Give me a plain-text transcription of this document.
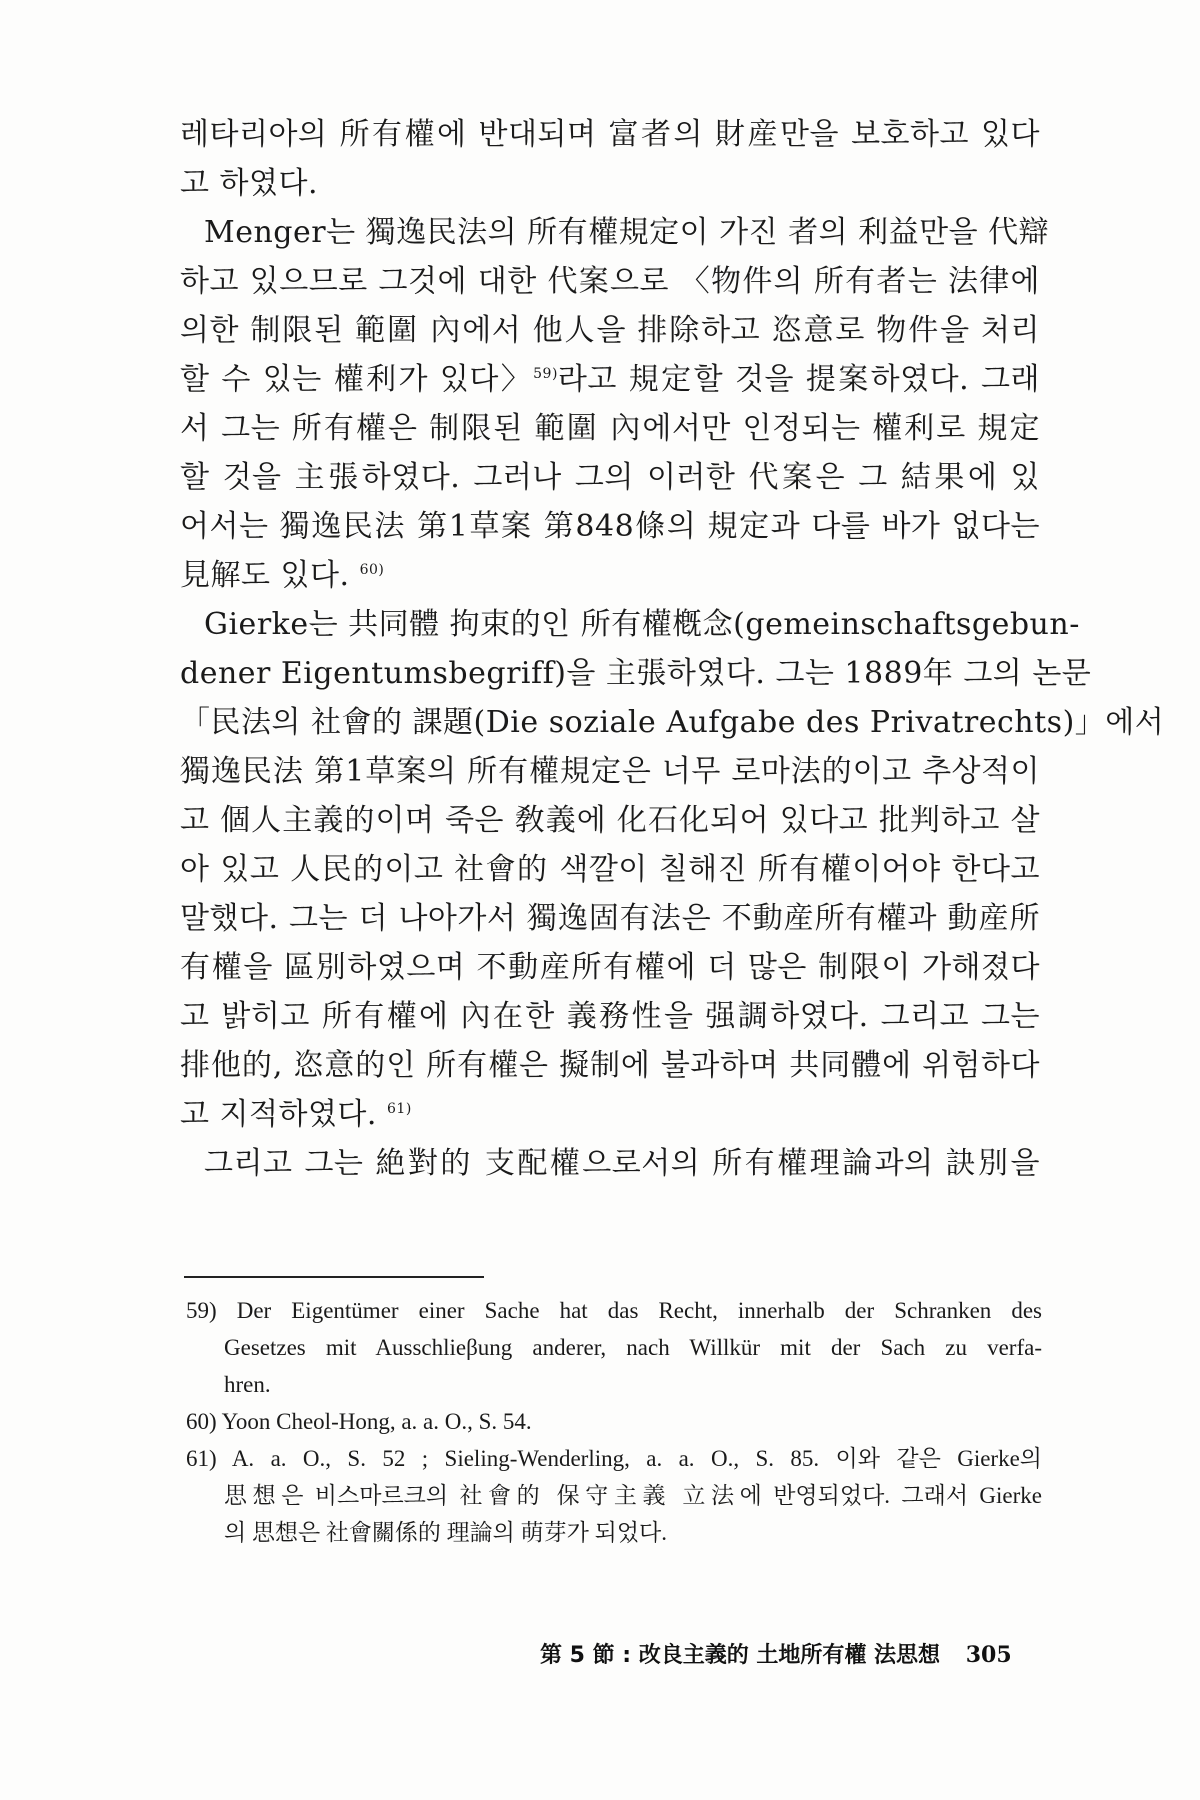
레타리아의 所有權에 반대되며 富者의 財産만을 보호하고 있다
고 하였다.
Menger는 獨逸民法의 所有權規定이 가진 者의 利益만을 代辯
하고 있으므로 그것에 대한 代案으로 〈物件의 所有者는 法律에
의한 制限된 範圍 內에서 他人을 排除하고 恣意로 物件을 처리
할 수 있는 權利가 있다〉$^{59)}$라고 規定할 것을 提案하였다. 그래
서 그는 所有權은 制限된 範圍 內에서만 인정되는 權利로 規定
할 것을 主張하였다. 그러나 그의 이러한 代案은 그 結果에 있
어서는 獨逸民法 第1草案 第848條의 規定과 다를 바가 없다는
見解도 있다. $^{60)}$
Gierke는 共同體 拘束的인 所有權槪念(gemeinschaftsgebun-
dener Eigentumsbegriff)을 主張하였다. 그는 1889年 그의 논문
「民法의 社會的 課題(Die soziale Aufgabe des Privatrechts)」에서
獨逸民法 第1草案의 所有權規定은 너무 로마法的이고 추상적이
고 個人主義的이며 죽은 敎義에 化石化되어 있다고 批判하고 살
아 있고 人民的이고 社會的 색깔이 칠해진 所有權이어야 한다고
말했다. 그는 더 나아가서 獨逸固有法은 不動産所有權과 動産所
有權을 區別하였으며 不動産所有權에 더 많은 制限이 가해졌다
고 밝히고 所有權에 內在한 義務性을 强調하였다. 그리고 그는
排他的, 恣意的인 所有權은 擬制에 불과하며 共同體에 위험하다
고 지적하였다. $^{61)}$
그리고 그는 絶對的 支配權으로서의 所有權理論과의 訣別을
59) Der Eigentümer einer Sache hat das Recht, innerhalb der Schranken des
Gesetzes mit Ausschlieβung anderer, nach Willkür mit der Sach zu verfa-
hren.
60) Yoon Cheol-Hong, a. a. O., S. 54.
61) A. a. O., S. 52 ; Sieling-Wenderling, a. a. O., S. 85. 이와 같은 Gierke의
思想은 비스마르크의 社會的 保守主義 立法에 반영되었다. 그래서 Gierke
의 思想은 社會關係的 理論의 萌芽가 되었다.
第 5 節 : 改良主義的 土地所有權 法思想 305
